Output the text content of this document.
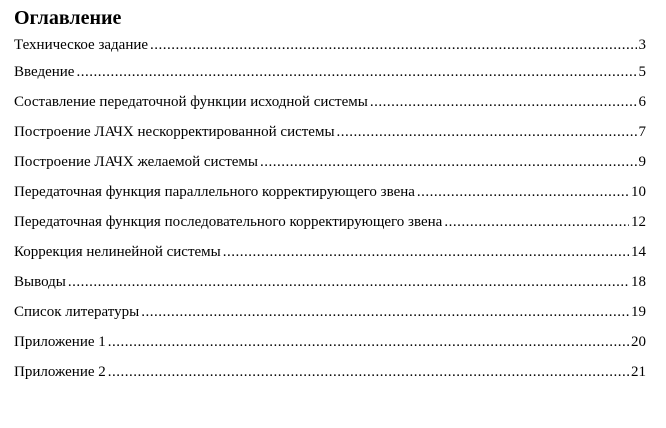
Оглавление
Техническое задание .....	3
Введение .....	5
Составление передаточной функции исходной системы .....	6
Построение ЛАЧХ нескорректированной системы .....	7
Построение ЛАЧХ желаемой системы .....	9
Передаточная функция параллельного корректирующего звена .....	10
Передаточная функция последовательного корректирующего звена .....	12
Коррекция нелинейной системы .....	14
Выводы .....	18
Список литературы .....	19
Приложение 1 .....	20
Приложение 2 .....	21
